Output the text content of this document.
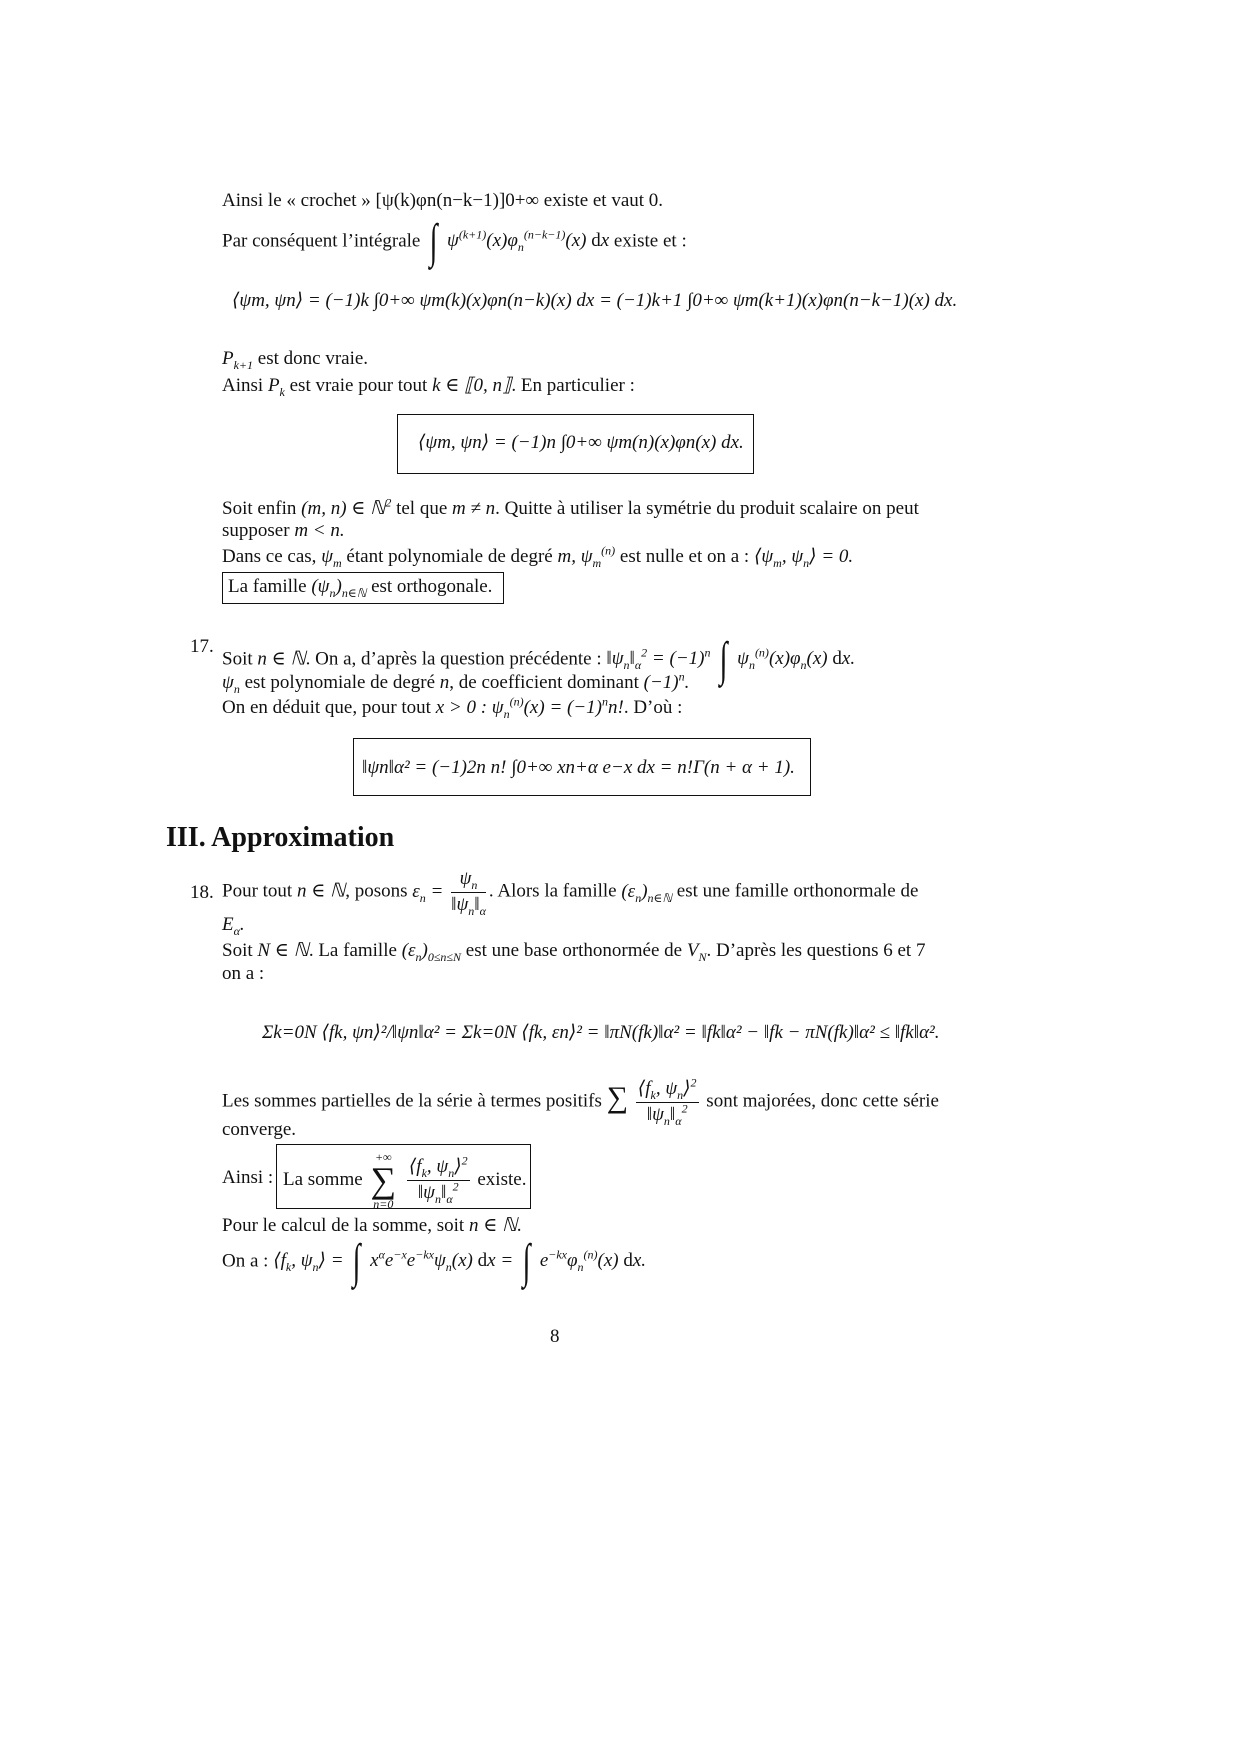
Ainsi le « crochet » [ψ(k)φn(n−k−1)]0+∞ existe et vaut 0.
Par conséquent l’intégrale ∫ $\psi^{(k+1)}(x)\varphi_n^{(n-k-1)}(x)$ dx existe et :
⟨ψm, ψn⟩ = (−1)k ∫0+∞ ψm(k)(x)φn(n−k)(x) dx = (−1)k+1 ∫0+∞ ψm(k+1)(x)φn(n−k−1)(x) dx.
$P_{k+1}$ est donc vraie.
Ainsi $P_k$ est vraie pour tout k ∈ ⟦0, n⟧. En particulier :
⟨ψm, ψn⟩ = (−1)n ∫0+∞ ψm(n)(x)φn(x) dx.
Soit enfin (m, n) ∈ ℕ$^2$ tel que m ≠ n. Quitte à utiliser la symétrie du produit scalaire on peut
supposer m < n.
Dans ce cas, $\psi_m$ étant polynomiale de degré m, $\psi_m^{(n)}$ est nulle et on a : $⟨\psi_m$, $\psi_n⟩ = 0$.
La famille $(\psi_n)_{n\in ℕ}$ est orthogonale.
17.
Soit n ∈ ℕ. On a, d’après la question précédente : $‖\psi_n‖_\alpha^2 = (-1)^n$ ∫ $\psi_n^{(n)}(x)\varphi_n(x)$ dx.
$\psi_n$ est polynomiale de degré n, de coefficient dominant $(-1)^n$.
On en déduit que, pour tout x > 0 : $\psi_n^{(n)}(x) = (-1)^nn$!. D’où :
‖ψn‖α² = (−1)2n n! ∫0+∞ xn+α e−x dx = n!Γ(n + α + 1).
III. Approximation
18. Pour tout n ∈ ℕ, posons $\varepsilon_n = \frac{\psi_n}{‖\psi_n‖_\alpha}$ . Alors la famille $(\varepsilon_n)_{n\in ℕ}$ est une famille orthonormale de
$E_\alpha$.
Soit N ∈ ℕ. La famille $(\varepsilon_n)_{0\le n\le N}$ est une base orthonormée de $V_N$. D’après les questions 6 et 7
on a :
Σk=0N ⟨fk, ψn⟩²/‖ψn‖α² = Σk=0N ⟨fk, εn⟩² = ‖πN(fk)‖α² = ‖fk‖α² − ‖fk − πN(fk)‖α² ≤ ‖fk‖α².
Les sommes partielles de la série à termes positifs ∑ $\frac{⟨f_k, \psi_n⟩^2}{‖\psi_n‖_\alpha^2}$ sont majorées, donc cette série
converge.
Ainsi : La somme
+∞
∑
n=0
$\frac{⟨f_k, \psi_n⟩^2}{‖\psi_n‖_\alpha^2}$ existe.
Pour le calcul de la somme, soit n ∈ ℕ.
On a : $⟨f_k$, $\psi_n⟩$ = ∫ $x^\alpha e^{-x}e^{-kx}\psi_n(x)$ dx = ∫ $e^{-kx}\varphi_n^{(n)}(x)$ dx.
8
